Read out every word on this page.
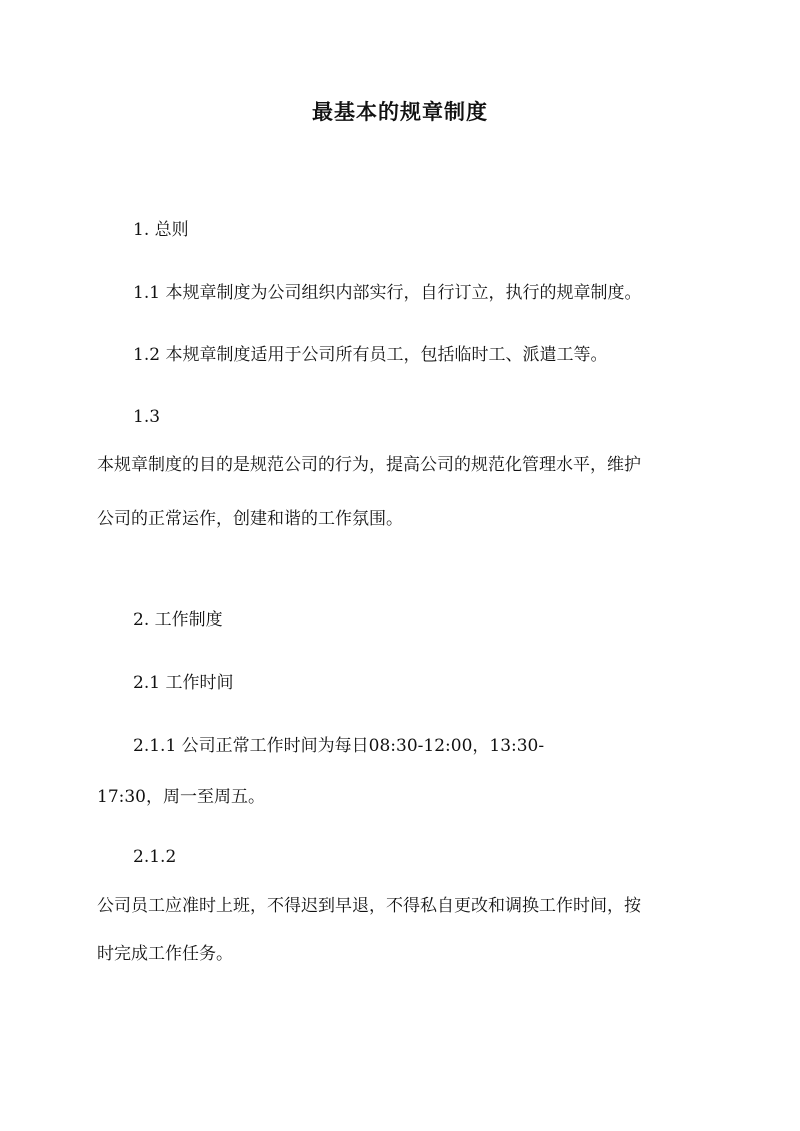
最基本的规章制度
1. 总则
1.1 本规章制度为公司组织内部实行，自行订立，执行的规章制度。
1.2 本规章制度适用于公司所有员工，包括临时工、派遣工等。
1.3
本规章制度的目的是规范公司的行为，提高公司的规范化管理水平，维护
公司的正常运作，创建和谐的工作氛围。
2. 工作制度
2.1 工作时间
2.1.1 公司正常工作时间为每日08:30-12:00，13:30-
17:30，周一至周五。
2.1.2
公司员工应准时上班，不得迟到早退，不得私自更改和调换工作时间，按
时完成工作任务。
